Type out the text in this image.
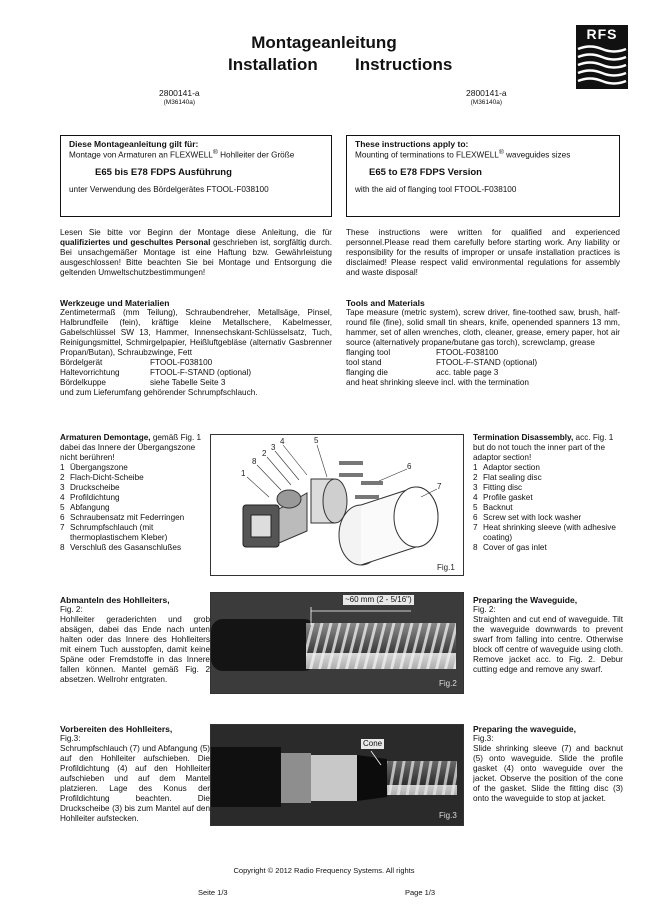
Montageanleitung
Installation Instructions
RFS
2800141-a
(M36140a)
2800141-a
(M36140a)
Diese Montageanleitung gilt für:
Montage von Armaturen an FLEXWELL® Hohlleiter der Größe
E65 bis E78 FDPS Ausführung
unter Verwendung des Bördelgerätes FTOOL-F038100
These instructions apply to:
Mounting of terminations to FLEXWELL® waveguides sizes
E65 to E78 FDPS Version
with the aid of flanging tool FTOOL-F038100
Lesen Sie bitte vor Beginn der Montage diese Anleitung, die für qualifiziertes und geschultes Personal geschrieben ist, sorgfältig durch. Bei unsachgemäßer Montage ist eine Haftung bzw. Gewährleistung ausgeschlossen! Bitte beachten Sie bei Montage und Entsorgung die geltenden Umweltschutzbestimmungen!
These instructions were written for qualified and experienced personnel.Please read them carefully before starting work. Any liability or responsibility for the results of improper or unsafe installation practices is disclaimed! Please respect valid environmental regulations for assembly and waste disposal!
Werkzeuge und Materialien
Zentimetermaß (mm Teilung), Schraubendreher, Metallsäge, Pinsel, Halbrundfeile (fein), kräftige kleine Metallschere, Kabelmesser, Gabelschlüssel SW 13, Hammer, Innensechskant-Schlüsselsatz, Tuch, Reinigungsmittel, Schmirgelpapier, Heißluftgebläse (alternativ Gasbrenner Propan/Butan), Schraubzwinge, Fett
Bördelgerät	FTOOL-F038100
Haltevorrichtung	FTOOL-F-STAND (optional)
Bördelkuppe	siehe Tabelle Seite 3
und zum Lieferumfang gehörender Schrumpfschlauch.
Tools and Materials
Tape measure (metric system), screw driver, fine-toothed saw, brush, half-round file (fine), solid small tin shears, knife, openended spanners 13 mm, hammer, set of allen wrenches, cloth, cleaner, grease, emery paper, hot air source (alternatively propane/butane gas torch), screwclamp, grease
flanging tool	FTOOL-F038100
tool stand	FTOOL-F-STAND (optional)
flanging die	acc. table page 3
and heat shrinking sleeve incl. with the termination
Armaturen Demontage, gemäß Fig. 1 dabei das Innere der Übergangszone nicht berühren!
1 Übergangszone
2 Flach-Dicht-Scheibe
3 Druckscheibe
4 Profildichtung
5 Abfangung
6 Schraubensatz mit Federringen
7 Schrumpfschlauch (mit thermoplastischem Kleber)
8 Verschluß des Gasanschlußes
1
8
2
3
4	5
6
7
Fig.1
Termination Disassembly, acc. Fig. 1 but do not touch the inner part of the adaptor section!
1 Adaptor section
2 Flat sealing disc
3 Fitting disc
4 Profile gasket
5 Backnut
6 Screw set with lock washer
7 Heat shrinking sleeve (with adhesive coating)
8 Cover of gas inlet
Abmanteln des Hohlleiters,
Fig. 2:
Hohlleiter geraderichten und grob absägen, dabei das Ende nach unten halten oder das Innere des Hohlleiters mit einem Tuch ausstopfen, damit keine Späne oder Fremdstoffe in das Innere fallen können. Mantel gemäß Fig. 2 absetzen. Wellrohr entgraten.
~60 mm (2 - 5/16")
Fig.2
Preparing the Waveguide,
Fig. 2:
Straighten and cut end of waveguide. Tilt the waveguide downwards to prevent swarf from falling into centre. Otherwise block off centre of waveguide using cloth. Remove jacket acc. to Fig. 2. Debur cutting edge and remove any swarf.
Vorbereiten des Hohlleiters,
Fig.3:
Schrumpfschlauch (7) und Abfangung (5) auf den Hohlleiter aufschieben. Die Profildichtung (4) auf den Hohlleiter aufschieben und auf dem Mantel platzieren. Lage des Konus der Profildichtung beachten. Die Druckscheibe (3) bis zum Mantel auf den Hohlleiter aufstecken.
Cone
Fig.3
Preparing the waveguide,
Fig.3:
Slide shrinking sleeve (7) and backnut (5) onto waveguide. Slide the profile gasket (4) onto waveguide over the jacket. Observe the position of the cone of the gasket. Slide the fitting disc (3) onto the waveguide to stop at jacket.
Copyright © 2012 Radio Frequency Systems. All rights
Seite 1/3	Page 1/3
